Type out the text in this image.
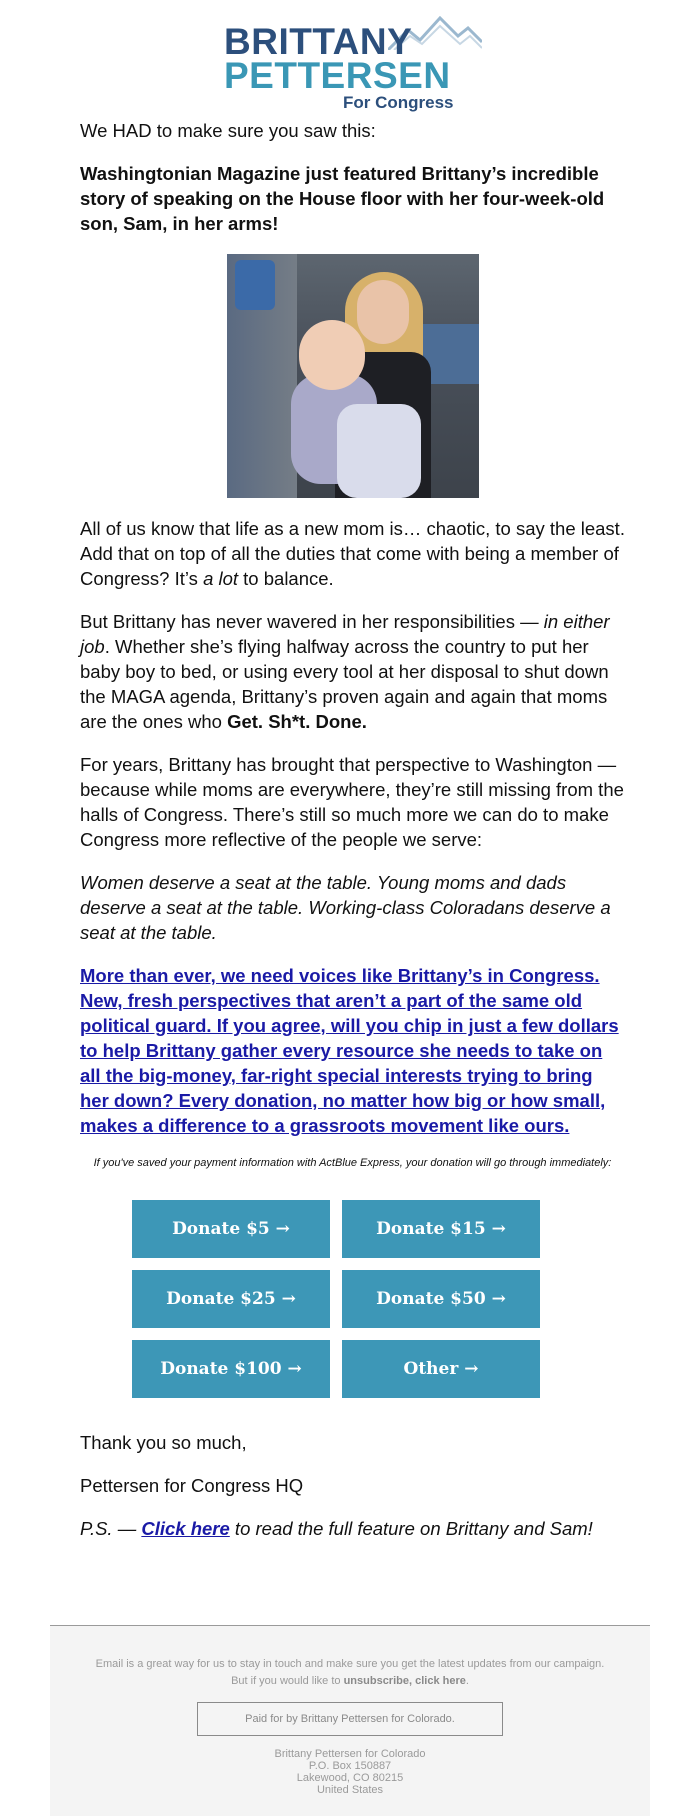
BRITTANY
PETTERSEN
For Congress

We HAD to make sure you saw this:

Washingtonian Magazine just featured Brittany’s incredible story of speaking on the House floor with her four-week-old son, Sam, in her arms!

All of us know that life as a new mom is… chaotic, to say the least. Add that on top of all the duties that come with being a member of Congress? It’s a lot to balance.

But Brittany has never wavered in her responsibilities — in either job. Whether she’s flying halfway across the country to put her baby boy to bed, or using every tool at her disposal to shut down the MAGA agenda, Brittany’s proven again and again that moms are the ones who Get. Sh*t. Done.

For years, Brittany has brought that perspective to Washington — because while moms are everywhere, they’re still missing from the halls of Congress. There’s still so much more we can do to make Congress more reflective of the people we serve:

Women deserve a seat at the table. Young moms and dads deserve a seat at the table. Working-class Coloradans deserve a seat at the table.

More than ever, we need voices like Brittany’s in Congress. New, fresh perspectives that aren’t a part of the same old political guard. If you agree, will you chip in just a few dollars to help Brittany gather every resource she needs to take on all the big-money, far-right special interests trying to bring her down? Every donation, no matter how big or how small, makes a difference to a grassroots movement like ours.

If you've saved your payment information with ActBlue Express, your donation will go through immediately:
Donate $5 →	Donate $15 →
Donate $25 →	Donate $50 →
Donate $100 →	Other →
Thank you so much,
Pettersen for Congress HQ
P.S. — Click here to read the full feature on Brittany and Sam!
Email is a great way for us to stay in touch and make sure you get the latest updates from our campaign.
But if you would like to unsubscribe, click here.
Paid for by Brittany Pettersen for Colorado.
Brittany Pettersen for Colorado
P.O. Box 150887
Lakewood, CO 80215
United States
